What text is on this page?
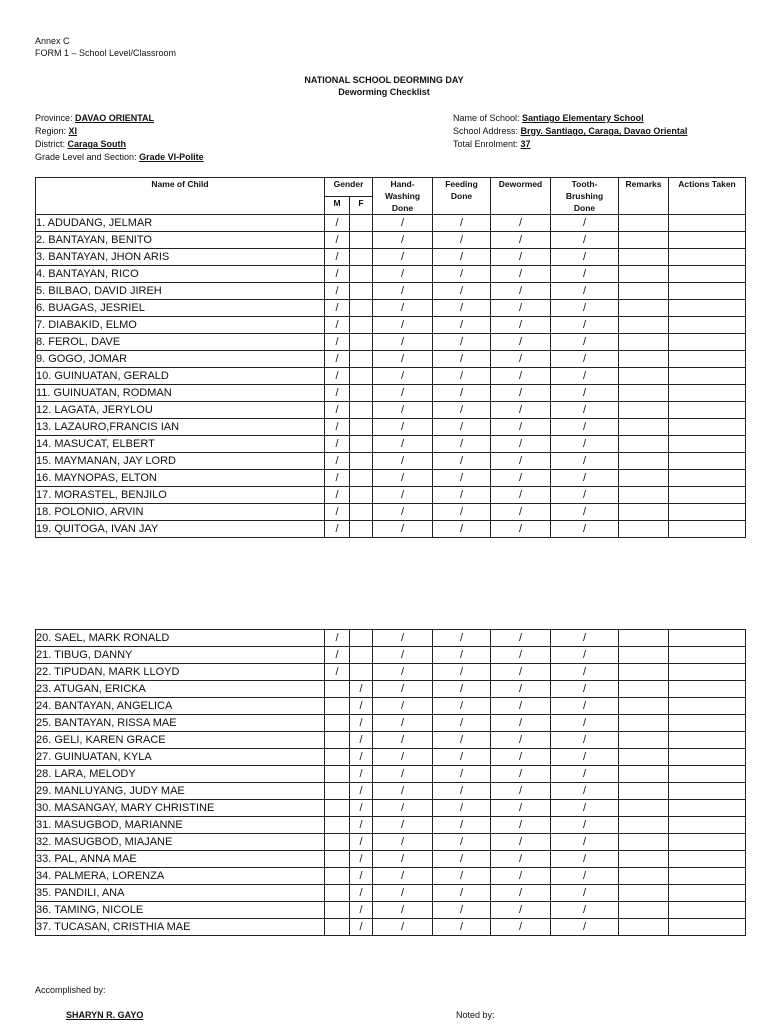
Annex C
FORM 1 – School Level/Classroom
NATIONAL SCHOOL DEORMING DAY
Deworming Checklist
Province: DAVAO ORIENTAL
Region: XI
District: Caraga South
Grade Level and Section: Grade VI-Polite
Name of School: Santiago Elementary School
School Address: Brgy. Santiago, Caraga, Davao Oriental
Total Enrolment: 37
Name of Child	Gender		Hand-
Washing
Done	Feeding
Done	Dewormed	Tooth-
Brushing
Done	Remarks	Actions Taken
	M	F						
1. ADUDANG, JELMAR	/		/	/	/	/		
2. BANTAYAN, BENITO	/		/	/	/	/		
3. BANTAYAN, JHON ARIS	/		/	/	/	/		
4. BANTAYAN, RICO	/		/	/	/	/		
5. BILBAO, DAVID JIREH	/		/	/	/	/		
6. BUAGAS, JESRIEL	/		/	/	/	/		
7. DIABAKID, ELMO	/		/	/	/	/		
8. FEROL, DAVE	/		/	/	/	/		
9. GOGO, JOMAR	/		/	/	/	/		
10. GUINUATAN, GERALD	/		/	/	/	/		
11. GUINUATAN, RODMAN	/		/	/	/	/		
12. LAGATA, JERYLOU	/		/	/	/	/		
13. LAZAURO,FRANCIS IAN	/		/	/	/	/		
14. MASUCAT, ELBERT	/		/	/	/	/		
15. MAYMANAN, JAY LORD	/		/	/	/	/		
16. MAYNOPAS, ELTON	/		/	/	/	/		
17. MORASTEL, BENJILO	/		/	/	/	/		
18. POLONIO, ARVIN	/		/	/	/	/		
19. QUITOGA, IVAN JAY	/		/	/	/	/		
20. SAEL, MARK RONALD	/		/	/	/	/		
21. TIBUG, DANNY	/		/	/	/	/		
22. TIPUDAN, MARK LLOYD	/		/	/	/	/		
23. ATUGAN, ERICKA		/	/	/	/	/		
24. BANTAYAN, ANGELICA		/	/	/	/	/		
25. BANTAYAN, RISSA MAE		/	/	/	/	/		
26. GELI, KAREN GRACE		/	/	/	/	/		
27. GUINUATAN, KYLA		/	/	/	/	/		
28. LARA, MELODY		/	/	/	/	/		
29. MANLUYANG, JUDY MAE		/	/	/	/	/		
30. MASANGAY, MARY CHRISTINE		/	/	/	/	/		
31. MASUGBOD, MARIANNE		/	/	/	/	/		
32. MASUGBOD, MIAJANE		/	/	/	/	/		
33. PAL, ANNA MAE		/	/	/	/	/		
34. PALMERA, LORENZA		/	/	/	/	/		
35. PANDILI, ANA		/	/	/	/	/		
36. TAMING, NICOLE		/	/	/	/	/		
37. TUCASAN, CRISTHIA MAE		/	/	/	/	/		
Accomplished by:
SHARYN R. GAYO	Noted by:
